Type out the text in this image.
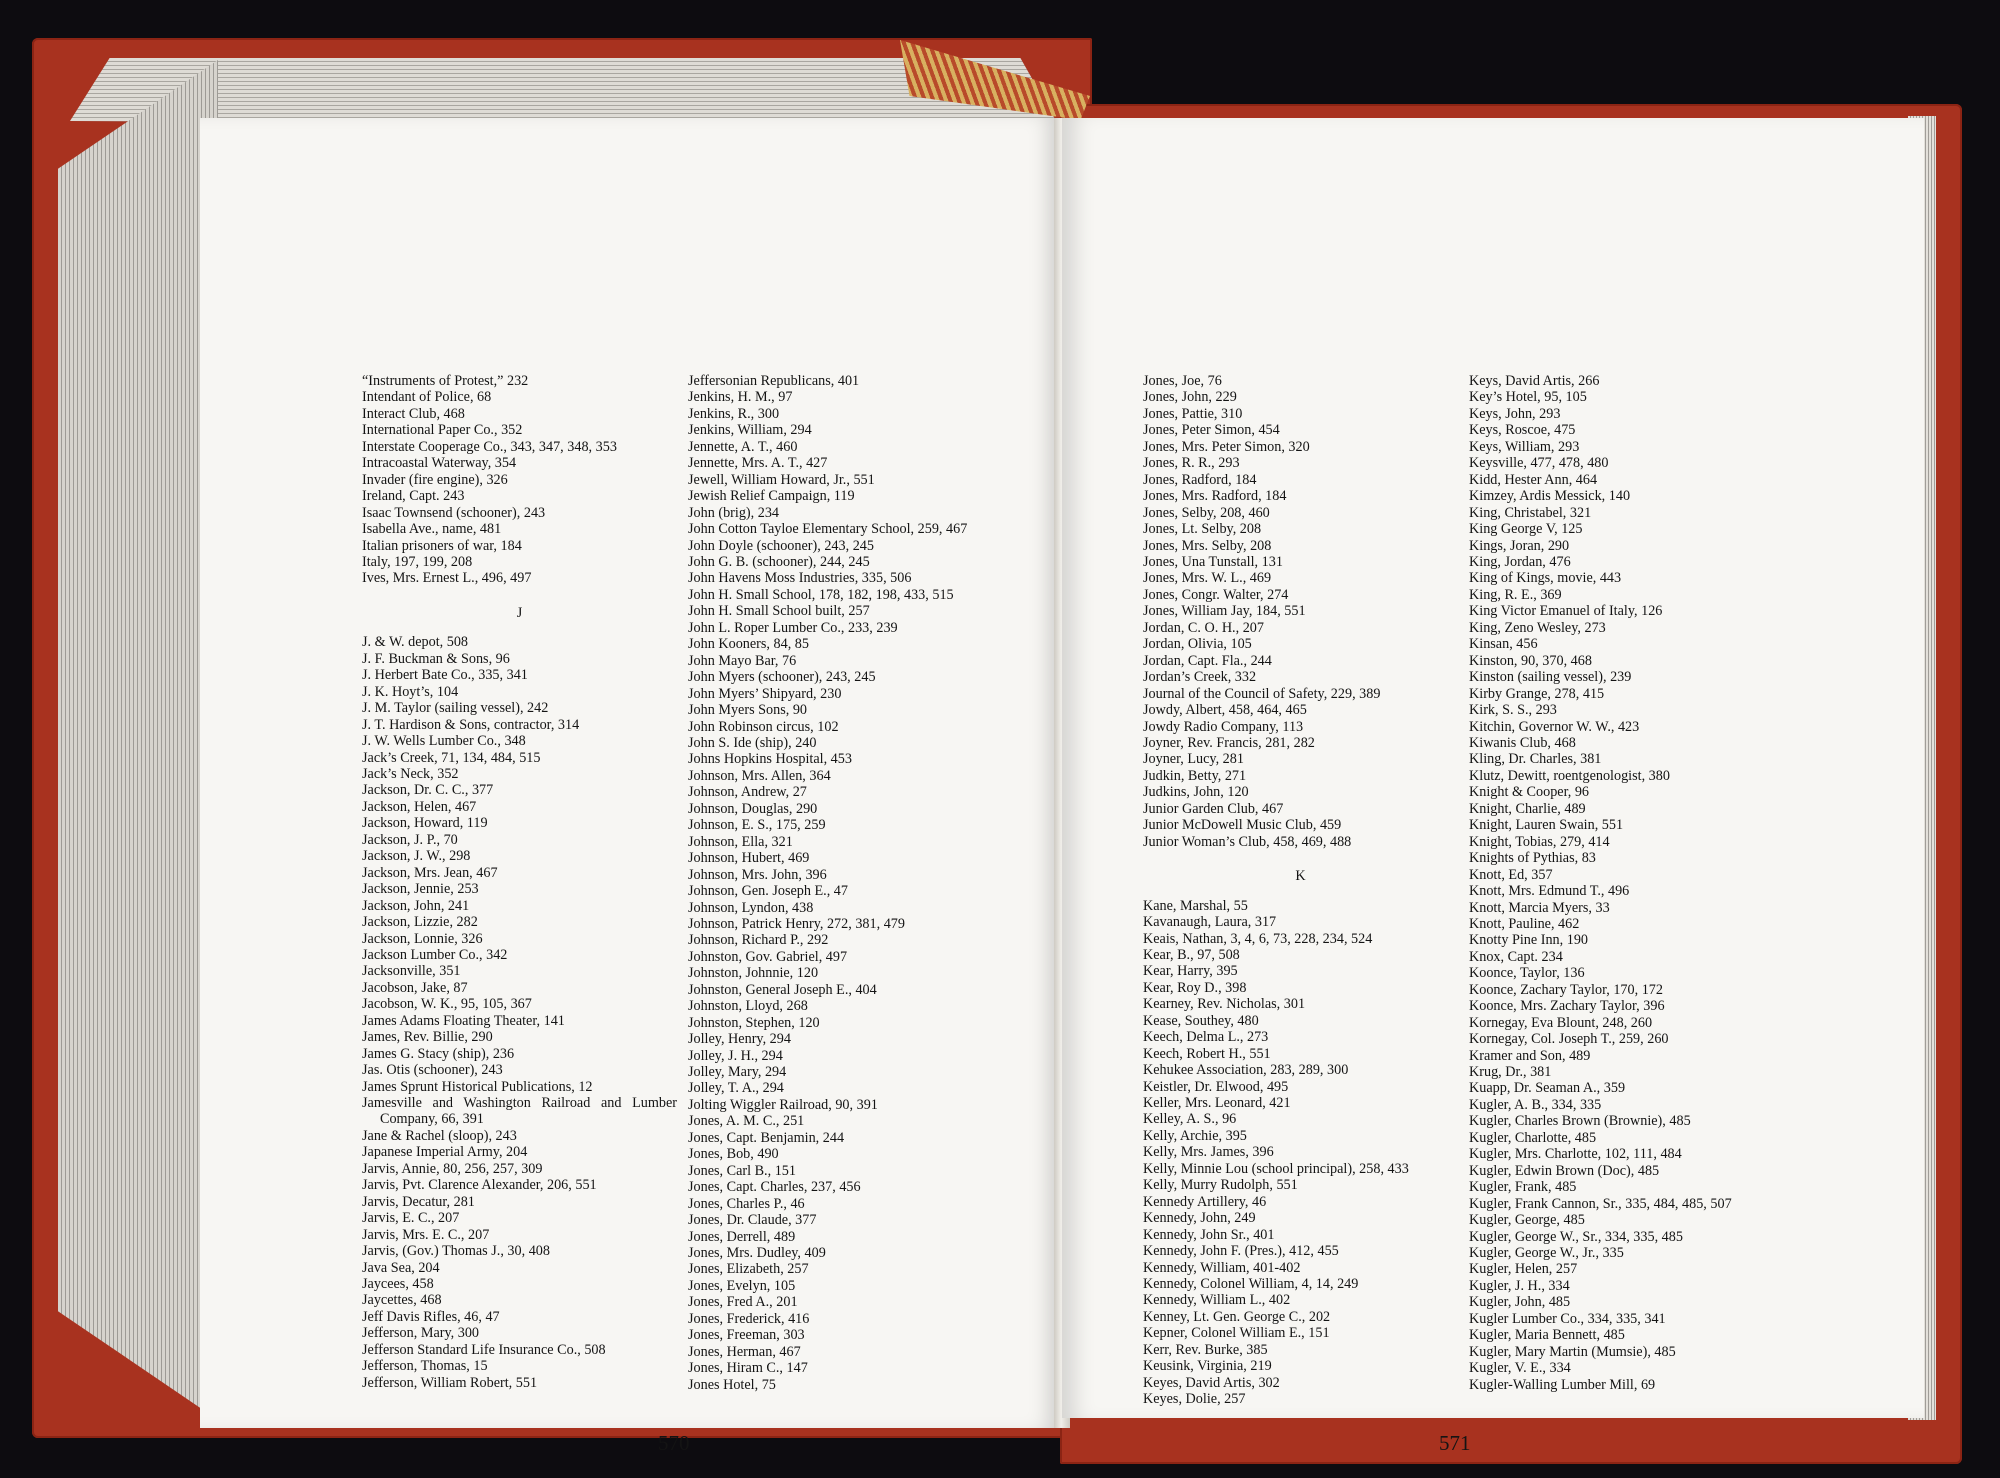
“Instruments of Protest,” 232
Intendant of Police, 68
Interact Club, 468
International Paper Co., 352
Interstate Cooperage Co., 343, 347, 348, 353
Intracoastal Waterway, 354
Invader (fire engine), 326
Ireland, Capt. 243
Isaac Townsend (schooner), 243
Isabella Ave., name, 481
Italian prisoners of war, 184
Italy, 197, 199, 208
Ives, Mrs. Ernest L., 496, 497
J
J. & W. depot, 508
J. F. Buckman & Sons, 96
J. Herbert Bate Co., 335, 341
J. K. Hoyt’s, 104
J. M. Taylor (sailing vessel), 242
J. T. Hardison & Sons, contractor, 314
J. W. Wells Lumber Co., 348
Jack’s Creek, 71, 134, 484, 515
Jack’s Neck, 352
Jackson, Dr. C. C., 377
Jackson, Helen, 467
Jackson, Howard, 119
Jackson, J. P., 70
Jackson, J. W., 298
Jackson, Mrs. Jean, 467
Jackson, Jennie, 253
Jackson, John, 241
Jackson, Lizzie, 282
Jackson, Lonnie, 326
Jackson Lumber Co., 342
Jacksonville, 351
Jacobson, Jake, 87
Jacobson, W. K., 95, 105, 367
James Adams Floating Theater, 141
James, Rev. Billie, 290
James G. Stacy (ship), 236
Jas. Otis (schooner), 243
James Sprunt Historical Publications, 12
Jamesville and Washington Railroad and Lumber Company, 66, 391
Jane & Rachel (sloop), 243
Japanese Imperial Army, 204
Jarvis, Annie, 80, 256, 257, 309
Jarvis, Pvt. Clarence Alexander, 206, 551
Jarvis, Decatur, 281
Jarvis, E. C., 207
Jarvis, Mrs. E. C., 207
Jarvis, (Gov.) Thomas J., 30, 408
Java Sea, 204
Jaycees, 458
Jaycettes, 468
Jeff Davis Rifles, 46, 47
Jefferson, Mary, 300
Jefferson Standard Life Insurance Co., 508
Jefferson, Thomas, 15
Jefferson, William Robert, 551
Jeffersonian Republicans, 401
Jenkins, H. M., 97
Jenkins, R., 300
Jenkins, William, 294
Jennette, A. T., 460
Jennette, Mrs. A. T., 427
Jewell, William Howard, Jr., 551
Jewish Relief Campaign, 119
John (brig), 234
John Cotton Tayloe Elementary School, 259, 467
John Doyle (schooner), 243, 245
John G. B. (schooner), 244, 245
John Havens Moss Industries, 335, 506
John H. Small School, 178, 182, 198, 433, 515
John H. Small School built, 257
John L. Roper Lumber Co., 233, 239
John Kooners, 84, 85
John Mayo Bar, 76
John Myers (schooner), 243, 245
John Myers’ Shipyard, 230
John Myers Sons, 90
John Robinson circus, 102
John S. Ide (ship), 240
Johns Hopkins Hospital, 453
Johnson, Mrs. Allen, 364
Johnson, Andrew, 27
Johnson, Douglas, 290
Johnson, E. S., 175, 259
Johnson, Ella, 321
Johnson, Hubert, 469
Johnson, Mrs. John, 396
Johnson, Gen. Joseph E., 47
Johnson, Lyndon, 438
Johnson, Patrick Henry, 272, 381, 479
Johnson, Richard P., 292
Johnston, Gov. Gabriel, 497
Johnston, Johnnie, 120
Johnston, General Joseph E., 404
Johnston, Lloyd, 268
Johnston, Stephen, 120
Jolley, Henry, 294
Jolley, J. H., 294
Jolley, Mary, 294
Jolley, T. A., 294
Jolting Wiggler Railroad, 90, 391
Jones, A. M. C., 251
Jones, Capt. Benjamin, 244
Jones, Bob, 490
Jones, Carl B., 151
Jones, Capt. Charles, 237, 456
Jones, Charles P., 46
Jones, Dr. Claude, 377
Jones, Derrell, 489
Jones, Mrs. Dudley, 409
Jones, Elizabeth, 257
Jones, Evelyn, 105
Jones, Fred A., 201
Jones, Frederick, 416
Jones, Freeman, 303
Jones, Herman, 467
Jones, Hiram C., 147
Jones Hotel, 75
570
Jones, Joe, 76
Jones, John, 229
Jones, Pattie, 310
Jones, Peter Simon, 454
Jones, Mrs. Peter Simon, 320
Jones, R. R., 293
Jones, Radford, 184
Jones, Mrs. Radford, 184
Jones, Selby, 208, 460
Jones, Lt. Selby, 208
Jones, Mrs. Selby, 208
Jones, Una Tunstall, 131
Jones, Mrs. W. L., 469
Jones, Congr. Walter, 274
Jones, William Jay, 184, 551
Jordan, C. O. H., 207
Jordan, Olivia, 105
Jordan, Capt. Fla., 244
Jordan’s Creek, 332
Journal of the Council of Safety, 229, 389
Jowdy, Albert, 458, 464, 465
Jowdy Radio Company, 113
Joyner, Rev. Francis, 281, 282
Joyner, Lucy, 281
Judkin, Betty, 271
Judkins, John, 120
Junior Garden Club, 467
Junior McDowell Music Club, 459
Junior Woman’s Club, 458, 469, 488
K
Kane, Marshal, 55
Kavanaugh, Laura, 317
Keais, Nathan, 3, 4, 6, 73, 228, 234, 524
Kear, B., 97, 508
Kear, Harry, 395
Kear, Roy D., 398
Kearney, Rev. Nicholas, 301
Kease, Southey, 480
Keech, Delma L., 273
Keech, Robert H., 551
Kehukee Association, 283, 289, 300
Keistler, Dr. Elwood, 495
Keller, Mrs. Leonard, 421
Kelley, A. S., 96
Kelly, Archie, 395
Kelly, Mrs. James, 396
Kelly, Minnie Lou (school principal), 258, 433
Kelly, Murry Rudolph, 551
Kennedy Artillery, 46
Kennedy, John, 249
Kennedy, John Sr., 401
Kennedy, John F. (Pres.), 412, 455
Kennedy, William, 401-402
Kennedy, Colonel William, 4, 14, 249
Kennedy, William L., 402
Kenney, Lt. Gen. George C., 202
Kepner, Colonel William E., 151
Kerr, Rev. Burke, 385
Keusink, Virginia, 219
Keyes, David Artis, 302
Keyes, Dolie, 257
Keys, David Artis, 266
Key’s Hotel, 95, 105
Keys, John, 293
Keys, Roscoe, 475
Keys, William, 293
Keysville, 477, 478, 480
Kidd, Hester Ann, 464
Kimzey, Ardis Messick, 140
King, Christabel, 321
King George V, 125
Kings, Joran, 290
King, Jordan, 476
King of Kings, movie, 443
King, R. E., 369
King Victor Emanuel of Italy, 126
King, Zeno Wesley, 273
Kinsan, 456
Kinston, 90, 370, 468
Kinston (sailing vessel), 239
Kirby Grange, 278, 415
Kirk, S. S., 293
Kitchin, Governor W. W., 423
Kiwanis Club, 468
Kling, Dr. Charles, 381
Klutz, Dewitt, roentgenologist, 380
Knight & Cooper, 96
Knight, Charlie, 489
Knight, Lauren Swain, 551
Knight, Tobias, 279, 414
Knights of Pythias, 83
Knott, Ed, 357
Knott, Mrs. Edmund T., 496
Knott, Marcia Myers, 33
Knott, Pauline, 462
Knotty Pine Inn, 190
Knox, Capt. 234
Koonce, Taylor, 136
Koonce, Zachary Taylor, 170, 172
Koonce, Mrs. Zachary Taylor, 396
Kornegay, Eva Blount, 248, 260
Kornegay, Col. Joseph T., 259, 260
Kramer and Son, 489
Krug, Dr., 381
Kuapp, Dr. Seaman A., 359
Kugler, A. B., 334, 335
Kugler, Charles Brown (Brownie), 485
Kugler, Charlotte, 485
Kugler, Mrs. Charlotte, 102, 111, 484
Kugler, Edwin Brown (Doc), 485
Kugler, Frank, 485
Kugler, Frank Cannon, Sr., 335, 484, 485, 507
Kugler, George, 485
Kugler, George W., Sr., 334, 335, 485
Kugler, George W., Jr., 335
Kugler, Helen, 257
Kugler, J. H., 334
Kugler, John, 485
Kugler Lumber Co., 334, 335, 341
Kugler, Maria Bennett, 485
Kugler, Mary Martin (Mumsie), 485
Kugler, V. E., 334
Kugler-Walling Lumber Mill, 69
571
